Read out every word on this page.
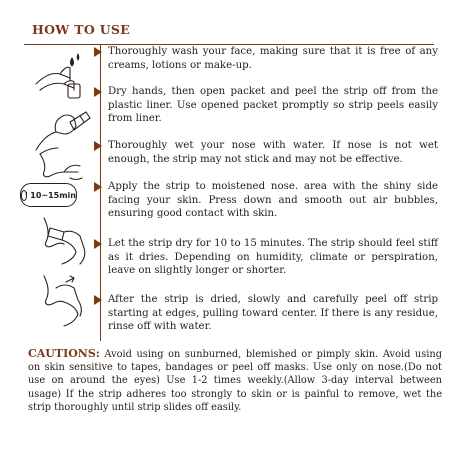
HOW TO USE
10~15min
Thoroughly wash your face, making sure that it is free of any creams, lotions or make-up.
Dry hands, then open packet and peel the strip off from the plastic liner. Use opened packet promptly so strip peels easily from liner.
Thoroughly wet your nose with water. If nose is not wet enough, the strip may not stick and may not be effective.
Apply the strip to moistened nose. area with the shiny side facing your skin. Press down and smooth out air bubbles, ensuring good contact with skin.
Let the strip dry for 10 to 15 minutes. The strip should feel stiff as it dries. Depending on humidity, climate or perspiration, leave on slightly longer or shorter.
After the strip is dried, slowly and carefully peel off strip starting at edges, pulling toward center. If there is any residue, rinse off with water.
CAUTIONS: Avoid using on sunburned, blemished or pimply skin. Avoid using on skin sensitive to tapes, bandages or peel off masks. Use only on nose.(Do not use on around the eyes) Use 1-2 times weekly.(Allow 3-day interval between usage) If the strip adheres too strongly to skin or is painful to remove, wet the strip thoroughly until strip slides off easily.
